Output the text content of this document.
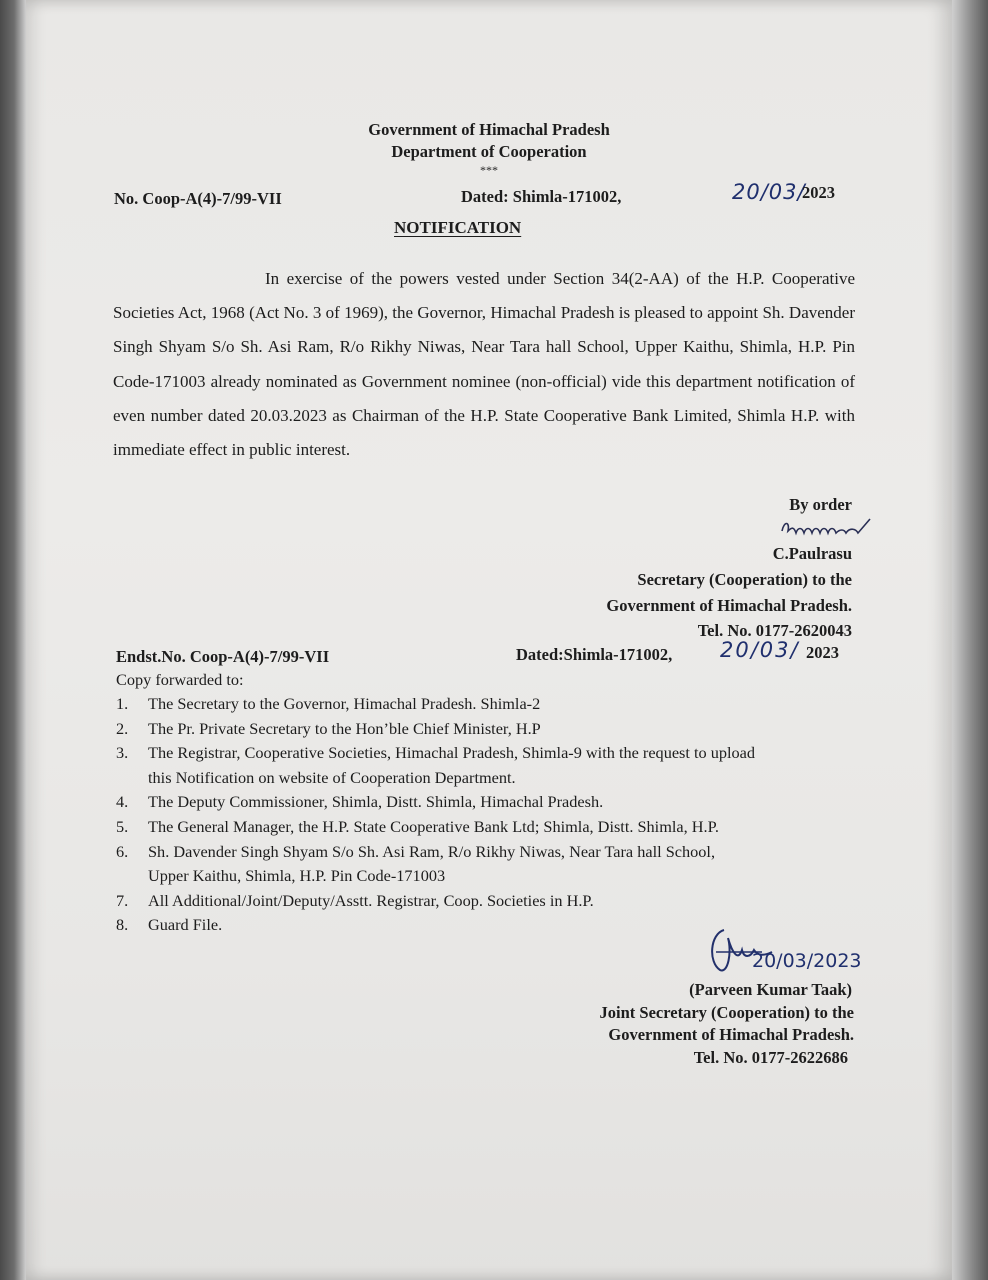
Government of Himachal Pradesh
Department of Cooperation
***
No. Coop-A(4)-7/99-VII	Dated: Shimla-171002,	20/03/
2023
NOTIFICATION
In exercise of the powers vested under Section 34(2-AA) of the H.P. Cooperative Societies Act, 1968 (Act No. 3 of 1969), the Governor, Himachal Pradesh is pleased to appoint Sh. Davender Singh Shyam S/o Sh. Asi Ram, R/o Rikhy Niwas, Near Tara hall School, Upper Kaithu, Shimla, H.P. Pin Code-171003 already nominated as Government nominee (non-official) vide this department notification of even number dated 20.03.2023 as Chairman of the H.P. State Cooperative Bank Limited, Shimla H.P. with immediate effect in public interest.
By order
C.Paulrasu
Secretary (Cooperation) to the
Government of Himachal Pradesh.
Tel. No. 0177-2620043
Endst.No. Coop-A(4)-7/99-VII	Dated:Shimla-171002, 20/03/ 2023
Copy forwarded to:
1.	The Secretary to the Governor, Himachal Pradesh. Shimla-2
2.	The Pr. Private Secretary to the Hon’ble Chief Minister, H.P
3.	The Registrar, Cooperative Societies, Himachal Pradesh, Shimla-9 with the request to upload
this Notification on website of Cooperation Department.
4.	The Deputy Commissioner, Shimla, Distt. Shimla, Himachal Pradesh.
5.	The General Manager, the H.P. State Cooperative Bank Ltd; Shimla, Distt. Shimla, H.P.
6.	Sh. Davender Singh Shyam S/o Sh. Asi Ram, R/o Rikhy Niwas, Near Tara hall School,
Upper Kaithu, Shimla, H.P. Pin Code-171003
7.	All Additional/Joint/Deputy/Asstt. Registrar, Coop. Societies in H.P.
8.	Guard File.
20/03/2023
(Parveen Kumar Taak)
Joint Secretary (Cooperation) to the
Government of Himachal Pradesh.
Tel. No. 0177-2622686
